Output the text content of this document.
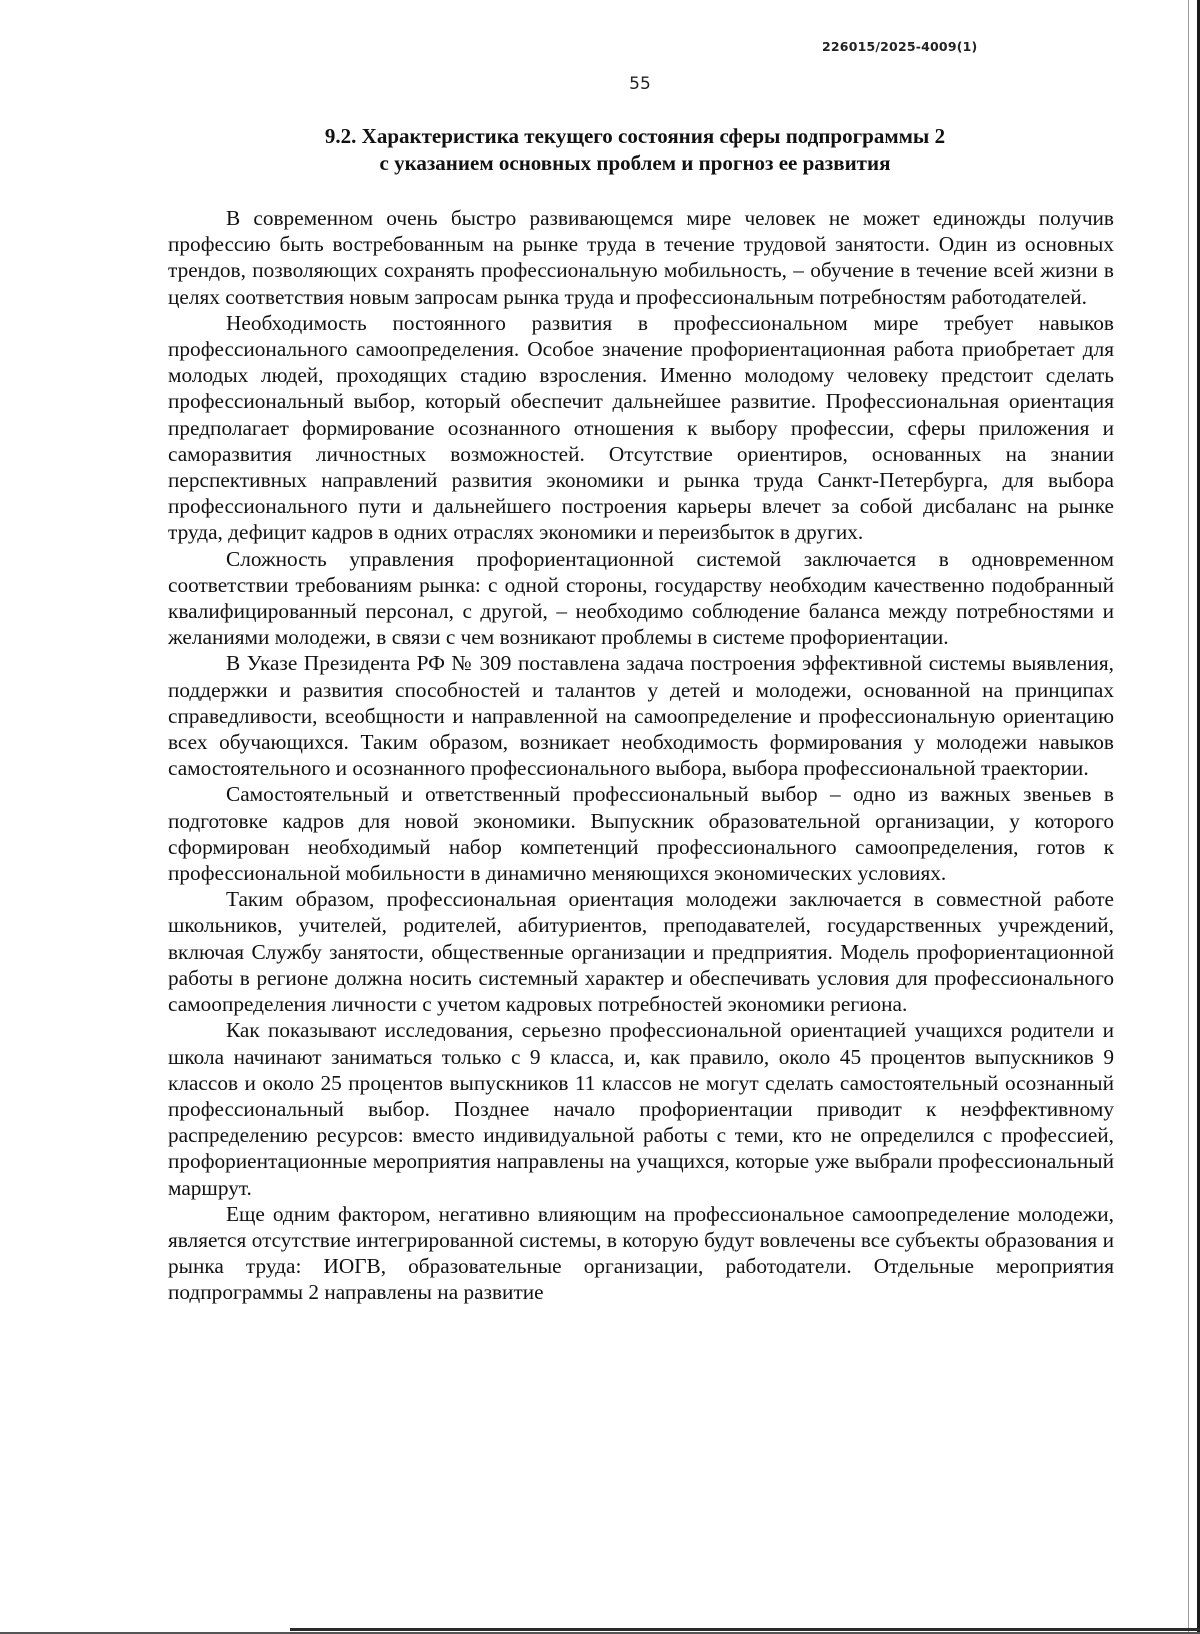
226015/2025-4009(1)
55
9.2. Характеристика текущего состояния сферы подпрограммы 2
с указанием основных проблем и прогноз ее развития

В современном очень быстро развивающемся мире человек не может единожды получив профессию быть востребованным на рынке труда в течение трудовой занятости. Один из основных трендов, позволяющих сохранять профессиональную мобильность, – обучение в течение всей жизни в целях соответствия новым запросам рынка труда и профессиональным потребностям работодателей.

Необходимость постоянного развития в профессиональном мире требует навыков профессионального самоопределения. Особое значение профориентационная работа приобретает для молодых людей, проходящих стадию взросления. Именно молодому человеку предстоит сделать профессиональный выбор, который обеспечит дальнейшее развитие. Профессиональная ориентация предполагает формирование осознанного отношения к выбору профессии, сферы приложения и саморазвития личностных возможностей. Отсутствие ориентиров, основанных на знании перспективных направлений развития экономики и рынка труда Санкт-Петербурга, для выбора профессионального пути и дальнейшего построения карьеры влечет за собой дисбаланс на рынке труда, дефицит кадров в одних отраслях экономики и переизбыток в других.

Сложность управления профориентационной системой заключается в одновременном соответствии требованиям рынка: с одной стороны, государству необходим качественно подобранный квалифицированный персонал, с другой, – необходимо соблюдение баланса между потребностями и желаниями молодежи, в связи с чем возникают проблемы в системе профориентации.

В Указе Президента РФ № 309 поставлена задача построения эффективной системы выявления, поддержки и развития способностей и талантов у детей и молодежи, основанной на принципах справедливости, всеобщности и направленной на самоопределение и профессиональную ориентацию всех обучающихся. Таким образом, возникает необходимость формирования у молодежи навыков самостоятельного и осознанного профессионального выбора, выбора профессиональной траектории.

Самостоятельный и ответственный профессиональный выбор – одно из важных звеньев в подготовке кадров для новой экономики. Выпускник образовательной организации, у которого сформирован необходимый набор компетенций профессионального самоопределения, готов к профессиональной мобильности в динамично меняющихся экономических условиях.

Таким образом, профессиональная ориентация молодежи заключается в совместной работе школьников, учителей, родителей, абитуриентов, преподавателей, государственных учреждений, включая Службу занятости, общественные организации и предприятия. Модель профориентационной работы в регионе должна носить системный характер и обеспечивать условия для профессионального самоопределения личности с учетом кадровых потребностей экономики региона.

Как показывают исследования, серьезно профессиональной ориентацией учащихся родители и школа начинают заниматься только с 9 класса, и, как правило, около 45 процентов выпускников 9 классов и около 25 процентов выпускников 11 классов не могут сделать самостоятельный осознанный профессиональный выбор. Позднее начало профориентации приводит к неэффективному распределению ресурсов: вместо индивидуальной работы с теми, кто не определился с профессией, профориентационные мероприятия направлены на учащихся, которые уже выбрали профессиональный маршрут.

Еще одним фактором, негативно влияющим на профессиональное самоопределение молодежи, является отсутствие интегрированной системы, в которую будут вовлечены все субъекты образования и рынка труда: ИОГВ, образовательные организации, работодатели. Отдельные мероприятия подпрограммы 2 направлены на развитие
